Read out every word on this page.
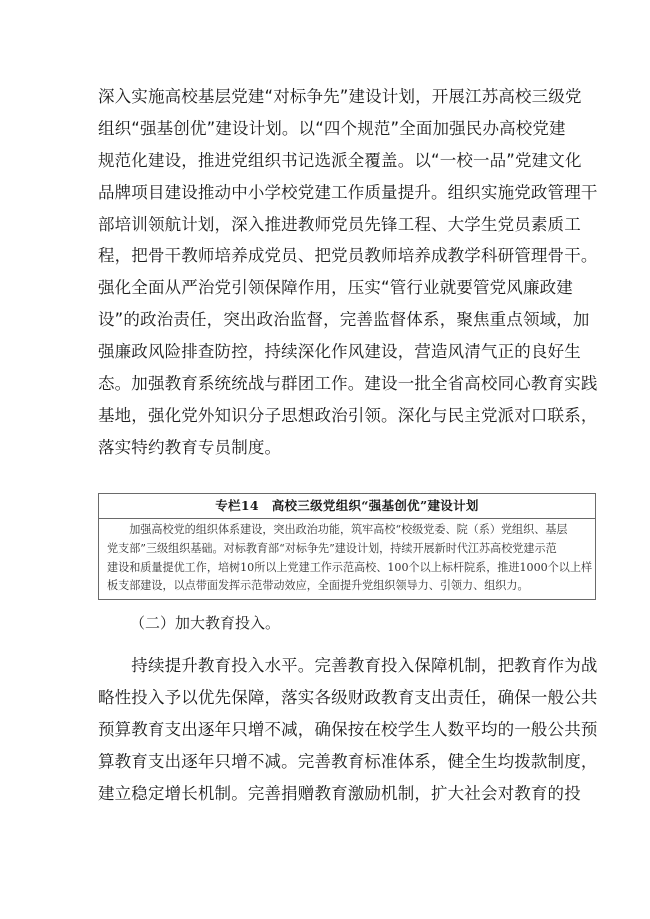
深入实施高校基层党建“对标争先”建设计划，开展江苏高校三级党
组织“强基创优”建设计划。以“四个规范”全面加强民办高校党建
规范化建设，推进党组织书记选派全覆盖。以“一校一品”党建文化
品牌项目建设推动中小学校党建工作质量提升。组织实施党政管理干
部培训领航计划，深入推进教师党员先锋工程、大学生党员素质工
程，把骨干教师培养成党员、把党员教师培养成教学科研管理骨干。
强化全面从严治党引领保障作用，压实“管行业就要管党风廉政建
设”的政治责任，突出政治监督，完善监督体系，聚焦重点领域，加
强廉政风险排查防控，持续深化作风建设，营造风清气正的良好生
态。加强教育系统统战与群团工作。建设一批全省高校同心教育实践
基地，强化党外知识分子思想政治引领。深化与民主党派对口联系，
落实特约教育专员制度。
专栏14　高校三级党组织“强基创优”建设计划
　　加强高校党的组织体系建设，突出政治功能，筑牢高校“校级党委、院（系）党组织、基层
党支部”三级组织基础。对标教育部“对标争先”建设计划，持续开展新时代江苏高校党建示范
建设和质量提优工作，培树10所以上党建工作示范高校、100个以上标杆院系，推进1000个以上样
板支部建设，以点带面发挥示范带动效应，全面提升党组织领导力、引领力、组织力。

（二）加大教育投入。

　　持续提升教育投入水平。完善教育投入保障机制，把教育作为战
略性投入予以优先保障，落实各级财政教育支出责任，确保一般公共
预算教育支出逐年只增不减，确保按在校学生人数平均的一般公共预
算教育支出逐年只增不减。完善教育标准体系，健全生均拨款制度，
建立稳定增长机制。完善捐赠教育激励机制，扩大社会对教育的投
